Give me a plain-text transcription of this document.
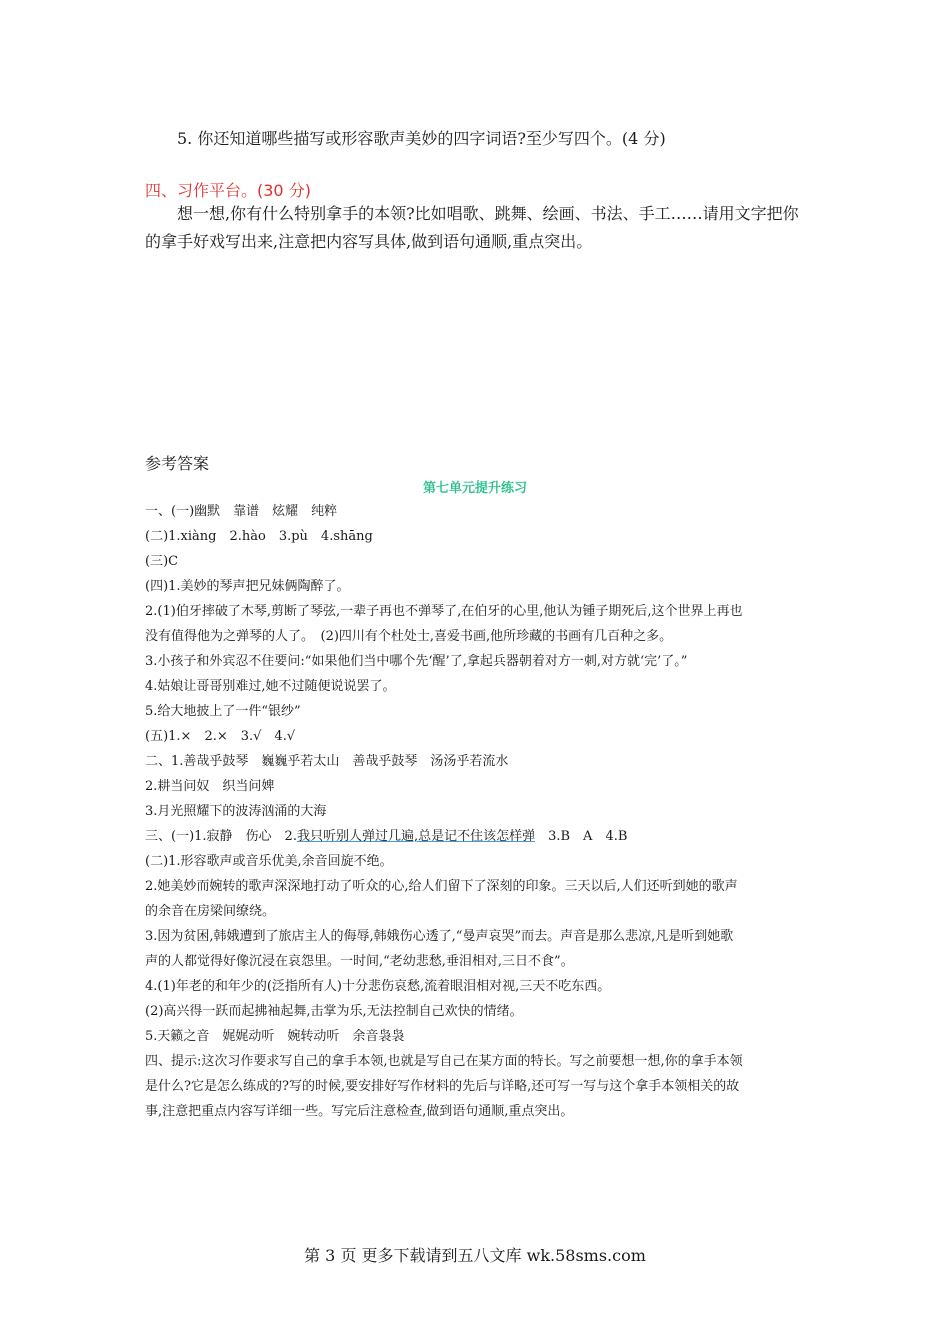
5. 你还知道哪些描写或形容歌声美妙的四字词语?至少写四个。(4 分)
四、习作平台。(30 分)
想一想,你有什么特别拿手的本领?比如唱歌、跳舞、绘画、书法、手工……请用文字把你的拿手好戏写出来,注意把内容写具体,做到语句通顺,重点突出。
参考答案
第七单元提升练习
一、(一)幽默　靠谱　炫耀　纯粹
(二)1.xiàng　2.hào　3.pù　4.shāng
(三)C
(四)1.美妙的琴声把兄妹俩陶醉了。
2.(1)伯牙摔破了木琴,剪断了琴弦,一辈子再也不弹琴了,在伯牙的心里,他认为锺子期死后,这个世界上再也
没有值得他为之弹琴的人了。　(2)四川有个杜处士,喜爱书画,他所珍藏的书画有几百种之多。
3.小孩子和外宾忍不住要问:“如果他们当中哪个先‘醒’了,拿起兵器朝着对方一刺,对方就‘完’了。”
4.姑娘让哥哥别难过,她不过随便说说罢了。
5.给大地披上了一件“银纱”
(五)1.×　2.×　3.√　4.√
二、1.善哉乎鼓琴　巍巍乎若太山　善哉乎鼓琴　汤汤乎若流水
2.耕当问奴　织当问婢
3.月光照耀下的波涛汹涌的大海
三、(一)1.寂静　伤心　2.我只听别人弹过几遍,总是记不住该怎样弹　3.B　A　4.B
(二)1.形容歌声或音乐优美,余音回旋不绝。
2.她美妙而婉转的歌声深深地打动了听众的心,给人们留下了深刻的印象。三天以后,人们还听到她的歌声
的余音在房梁间缭绕。
3.因为贫困,韩娥遭到了旅店主人的侮辱,韩娥伤心透了,“曼声哀哭”而去。声音是那么悲凉,凡是听到她歌
声的人都觉得好像沉浸在哀怨里。一时间,“老幼悲愁,垂泪相对,三日不食”。
4.(1)年老的和年少的(泛指所有人)十分悲伤哀愁,流着眼泪相对视,三天不吃东西。
(2)高兴得一跃而起拂袖起舞,击掌为乐,无法控制自己欢快的情绪。
5.天籁之音　娓娓动听　婉转动听　余音袅袅
四、提示:这次习作要求写自己的拿手本领,也就是写自己在某方面的特长。写之前要想一想,你的拿手本领
是什么?它是怎么练成的?写的时候,要安排好写作材料的先后与详略,还可写一写与这个拿手本领相关的故
事,注意把重点内容写详细一些。写完后注意检查,做到语句通顺,重点突出。
第 3 页 更多下载请到五八文库 wk.58sms.com
